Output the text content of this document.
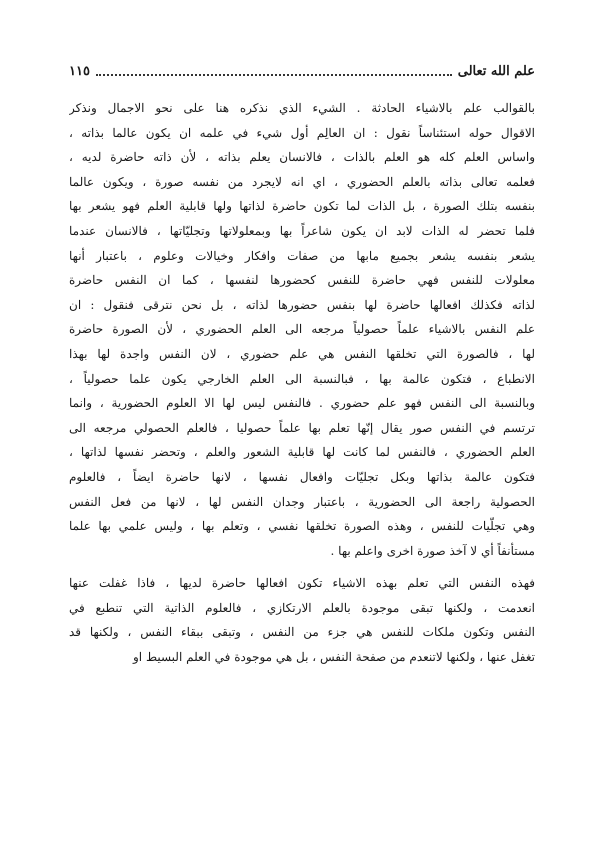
علم الله تعالى
١١٥
بالقوالب علم بالاشياء الحادثة . الشيء الذي نذكره هنا على نحو الاجمال ونذكر
الاقوال حوله استئناساً نقول : ان العالِم أول شيء في علمه ان يكون عالما بذاته ،
واساس العلم كله هو العلم بالذات ، فالانسان يعلم بذاته ، لأن ذاته حاضرة لديه ،
فعلمه تعالى بذاته بالعلم الحضوري ، اي انه لايجرد من نفسه صورة ، ويكون عالما
بنفسه بتلك الصورة ، بل الذات لما تكون حاضرة لذاتها ولها قابلية العلم فهو يشعر بها
فلما تحضر له الذات لابد ان يكون شاعراً بها وبمعلولاتها وتجليّاتها ، فالانسان عندما
يشعر بنفسه يشعر بجميع مابها من صفات وافكار وخيالات وعلوم ، باعتبار أنها
معلولات للنفس فهي حاضرة للنفس كحضورها لنفسها ، كما ان النفس حاضرة
لذاته فكذلك افعالها حاضرة لها بنفس حضورها لذاته ، بل نحن نترقى فنقول : ان
علم النفس بالاشياء علماً حصولياً مرجعه الى العلم الحضوري ، لأن الصورة حاضرة
لها ، فالصورة التي تخلقها النفس هي علم حضوري ، لان النفس واجدة لها بهذا
الانطباع ، فتكون عالمة بها ، فبالنسبة الى العلم الخارجي يكون علما حصولياً ،
وبالنسبة الى النفس فهو علم حضوري . فالنفس ليس لها الا العلوم الحضورية ، وانما
ترتسم في النفس صور يقال إنّها تعلم بها علماً حصوليا ، فالعلم الحصولي مرجعه الى
العلم الحضوري ، فالنفس لما كانت لها قابلية الشعور والعلم ، وتحضر نفسها لذاتها ،
فتكون عالمة بذاتها وبكل تجليّات وافعال نفسها ، لانها حاضرة ايضاً ، فالعلوم
الحصولية راجعة الى الحضورية ، باعتبار وجدان النفس لها ، لانها من فعل النفس
وهي تجلّيات للنفس ، وهذه الصورة تخلقها نفسي ، وتعلم بها ، وليس علمي بها علما
مستأنفاً أي لا آخذ صورة اخرى واعلم بها .
فهذه النفس التي تعلم بهذه الاشياء تكون افعالها حاضرة لديها ، فاذا غفلت عنها
انعدمت ، ولكنها تبقى موجودة بالعلم الارتكازي ، فالعلوم الذاتية التي تنطبع في
النفس وتكون ملكات للنفس هي جزء من النفس ، وتبقى ببقاء النفس ، ولكنها قد
تغفل عنها ، ولكنها لاتنعدم من صفحة النفس ، بل هي موجودة في العلم البسيط او
